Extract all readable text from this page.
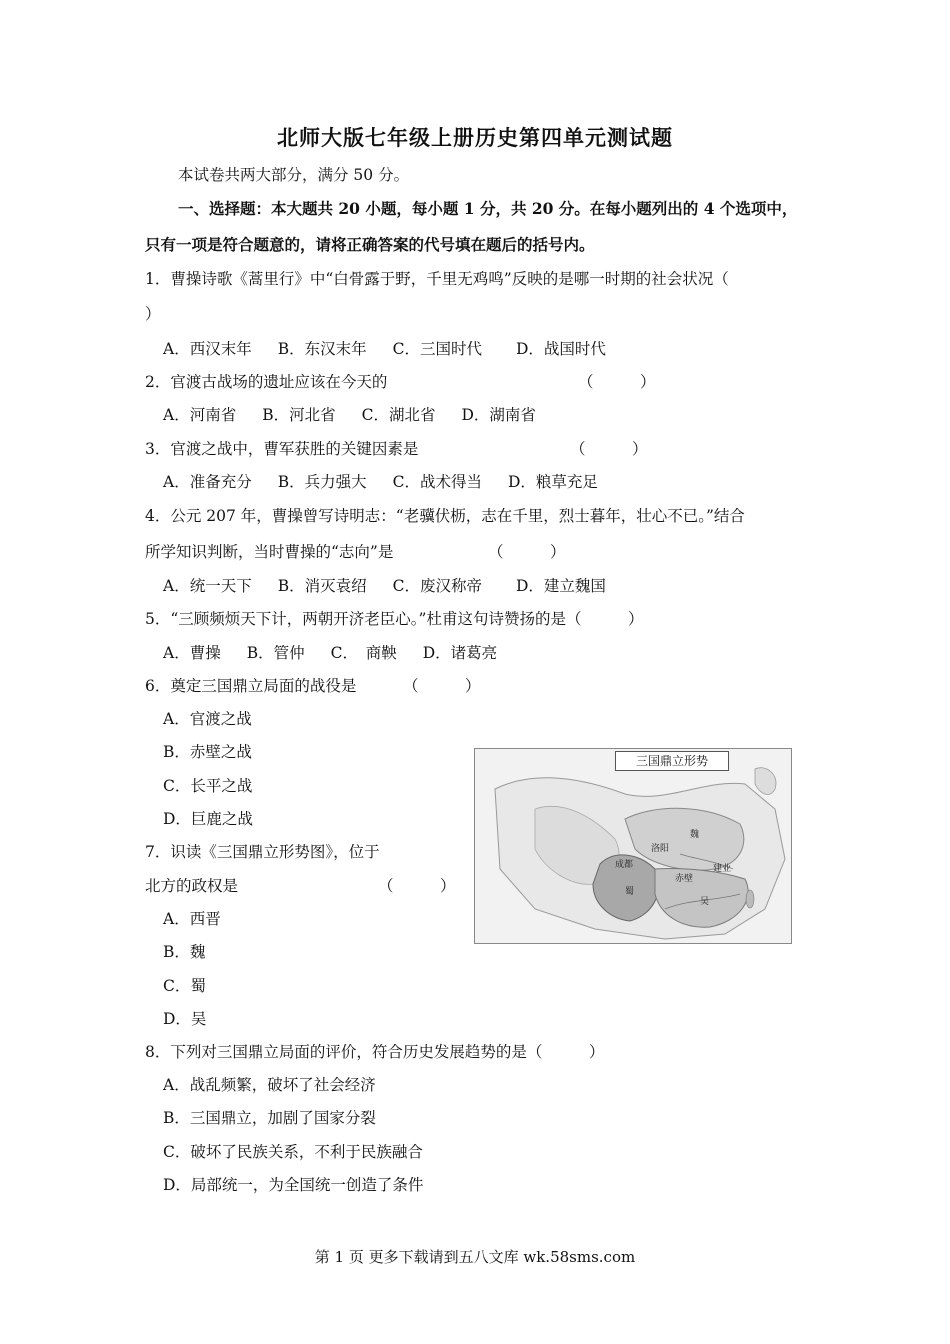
北师大版七年级上册历史第四单元测试题
本试卷共两大部分，满分 50 分。
一、选择题：本大题共 20 小题，每小题 1 分，共 20 分。在每小题列出的 4 个选项中，
只有一项是符合题意的，请将正确答案的代号填在题后的括号内。
1．曹操诗歌《蒿里行》中“白骨露于野，千里无鸡鸣”反映的是哪一时期的社会状况（
）
A．西汉末年 B．东汉末年 C．三国时代 D．战国时代
2．官渡古战场的遗址应该在今天的	（　　　）
A．河南省 B．河北省 C．湖北省 D．湖南省
3．官渡之战中，曹军获胜的关键因素是	（　　　）
A．准备充分 B．兵力强大 C．战术得当 D．粮草充足
4．公元 207 年，曹操曾写诗明志：“老骥伏枥，志在千里，烈士暮年，壮心不已。”结合
所学知识判断，当时曹操的“志向”是	（　　　）
A．统一天下 B．消灭袁绍 C．废汉称帝 D．建立魏国
5．“三顾频烦天下计，两朝开济老臣心。”杜甫这句诗赞扬的是（　　　）
A．曹操 B．管仲 C．　商鞅 D．诸葛亮
6．奠定三国鼎立局面的战役是	（　　　）
A．官渡之战
B．赤壁之战
C．长平之战
D．巨鹿之战
7．识读《三国鼎立形势图》，位于
北方的政权是	（　　　）
A．西晋
B．魏
C．蜀
D．吴
8．下列对三国鼎立局面的评价，符合历史发展趋势的是（　　　）
A．战乱频繁，破坏了社会经济
B．三国鼎立，加剧了国家分裂
C．破坏了民族关系，不利于民族融合
D．局部统一，为全国统一创造了条件
三国鼎立形势
成都
洛阳
建业
赤壁
魏
蜀
吴
第 1 页 更多下载请到五八文库 wk.58sms.com
